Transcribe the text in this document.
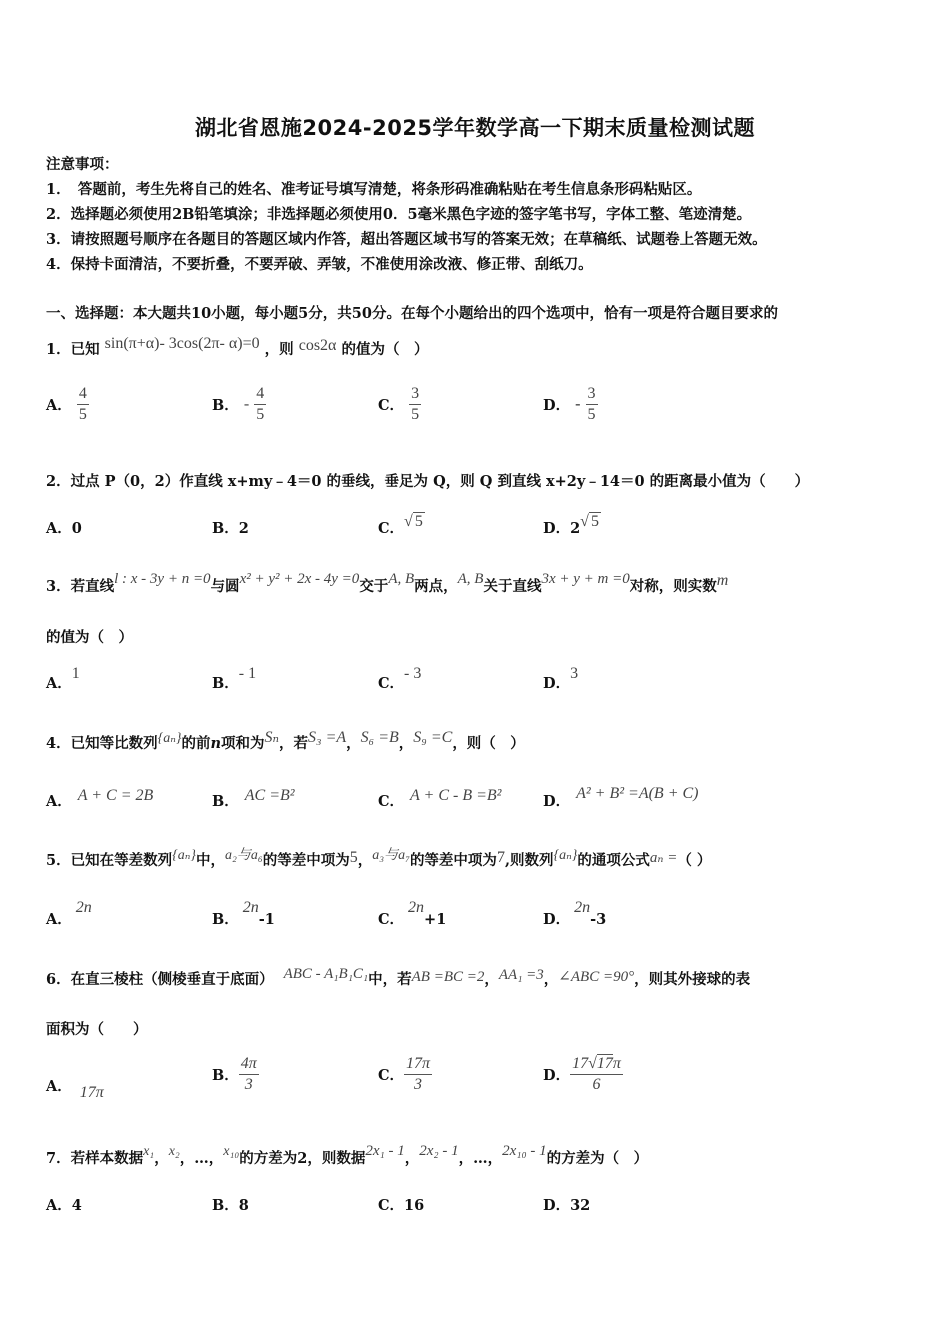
湖北省恩施2024-2025学年数学高一下期末质量检测试题
注意事项：
1．　答题前，考生先将自己的姓名、准考证号填写清楚，将条形码准确粘贴在考生信息条形码粘贴区。
2．选择题必须使用2B铅笔填涂；非选择题必须使用0．5毫米黑色字迹的签字笔书写，字体工整、笔迹清楚。
3．请按照题号顺序在各题目的答题区域内作答，超出答题区域书写的答案无效；在草稿纸、试题卷上答题无效。
4．保持卡面清洁，不要折叠，不要弄破、弄皱，不准使用涂改液、修正带、刮纸刀。
一、选择题：本大题共10小题，每小题5分，共50分。在每个小题给出的四个选项中，恰有一项是符合题目要求的
1．已知 sin(π+α)- 3cos(2π- α)=0 ，则 cos2α 的值为（　）
A． $\frac{4}{5}$	B． - $\frac{4}{5}$	C． $\frac{3}{5}$	D． - $\frac{3}{5}$
2．过点 P（0，2）作直线 x+my﹣4＝0 的垂线，垂足为 Q，则 Q 到直线 x+2y﹣14＝0 的距离最小值为（　　）
A．0	B．2	C．√ 5	D．2√ 5
3．若直线l : x - 3y + n =0与圆x² + y² + 2x - 4y =0交于A, B两点，A, B关于直线3x + y + m =0对称，则实数m
的值为（　）
A．1
B．- 1
C．- 3
D．3
4．已知等比数列{aₙ}的前n项和为Sₙ，若S₃ =A，S₆ =B，S₉ =C，则（　）
A． A + C = 2B	B． AC =B²	C． A + C - B =B²	D． A² + B² =A(B + C)
5．已知在等差数列{aₙ}中，a₂与a₆的等差中项为5，a₃与a₇的等差中项为7,则数列{aₙ}的通项公式aₙ =（ ）
A．2n
B．2n-1	C．2n+1	D．2n-3
6．在直三棱柱（侧棱垂直于底面） ABC - A₁B₁C₁中，若AB =BC =2，AA₁ =3，∠ABC =90°，则其外接球的表
面积为（　　）
A． 17π
B． $\frac{4\pi}{3}$	C． $\frac{17\pi}{3}$	D． $\frac{17√17\pi}{6}$
7．若样本数据x₁，x₂，…，x₁₀的方差为2，则数据2x₁ - 1，2x₂ - 1，…，2x₁₀ - 1的方差为（　）
A．4	B．8	C．16	D．32
